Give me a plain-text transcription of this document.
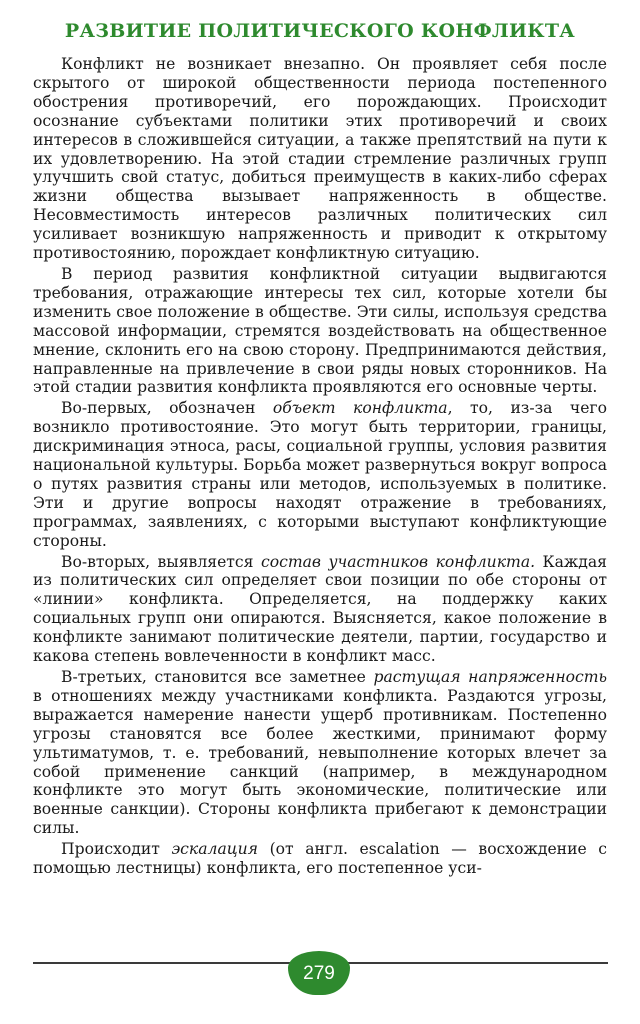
РАЗВИТИЕ ПОЛИТИЧЕСКОГО КОНФЛИКТА

Конфликт не возникает внезапно. Он проявляет себя после скрытого от широкой общественности периода постепенного обострения противоречий, его порождающих. Происходит осознание субъектами политики этих противоречий и своих интересов в сложившейся ситуации, а также препятствий на пути к их удовлетворению. На этой стадии стремление различных групп улучшить свой статус, добиться преимуществ в каких-либо сферах жизни общества вызывает напряженность в обществе. Несовместимость интересов различных политических сил усиливает возникшую напряженность и приводит к открытому противостоянию, порождает конфликтную ситуацию.

В период развития конфликтной ситуации выдвигаются требования, отражающие интересы тех сил, которые хотели бы изменить свое положение в обществе. Эти силы, используя средства массовой информации, стремятся воздействовать на общественное мнение, склонить его на свою сторону. Предпринимаются действия, направленные на привлечение в свои ряды новых сторонников. На этой стадии развития конфликта проявляются его основные черты.

Во-первых, обозначен объект конфликта, то, из-за чего возникло противостояние. Это могут быть территории, границы, дискриминация этноса, расы, социальной группы, условия развития национальной культуры. Борьба может развернуться вокруг вопроса о путях развития страны или методов, используемых в политике. Эти и другие вопросы находят отражение в требованиях, программах, заявлениях, с которыми выступают конфликтующие стороны.

Во-вторых, выявляется состав участников конфликта. Каждая из политических сил определяет свои позиции по обе стороны от «линии» конфликта. Определяется, на поддержку каких социальных групп они опираются. Выясняется, какое положение в конфликте занимают политические деятели, партии, государство и какова степень вовлеченности в конфликт масс.

В-третьих, становится все заметнее растущая напряженность в отношениях между участниками конфликта. Раздаются угрозы, выражается намерение нанести ущерб противникам. Постепенно угрозы становятся все более жесткими, принимают форму ультиматумов, т. е. требований, невыполнение которых влечет за собой применение санкций (например, в международном конфликте это могут быть экономические, политические или военные санкции). Стороны конфликта прибегают к демонстрации силы.

Происходит эскалация (от англ. escalation — восхождение с помощью лестницы) конфликта, его постепенное уси-

279
